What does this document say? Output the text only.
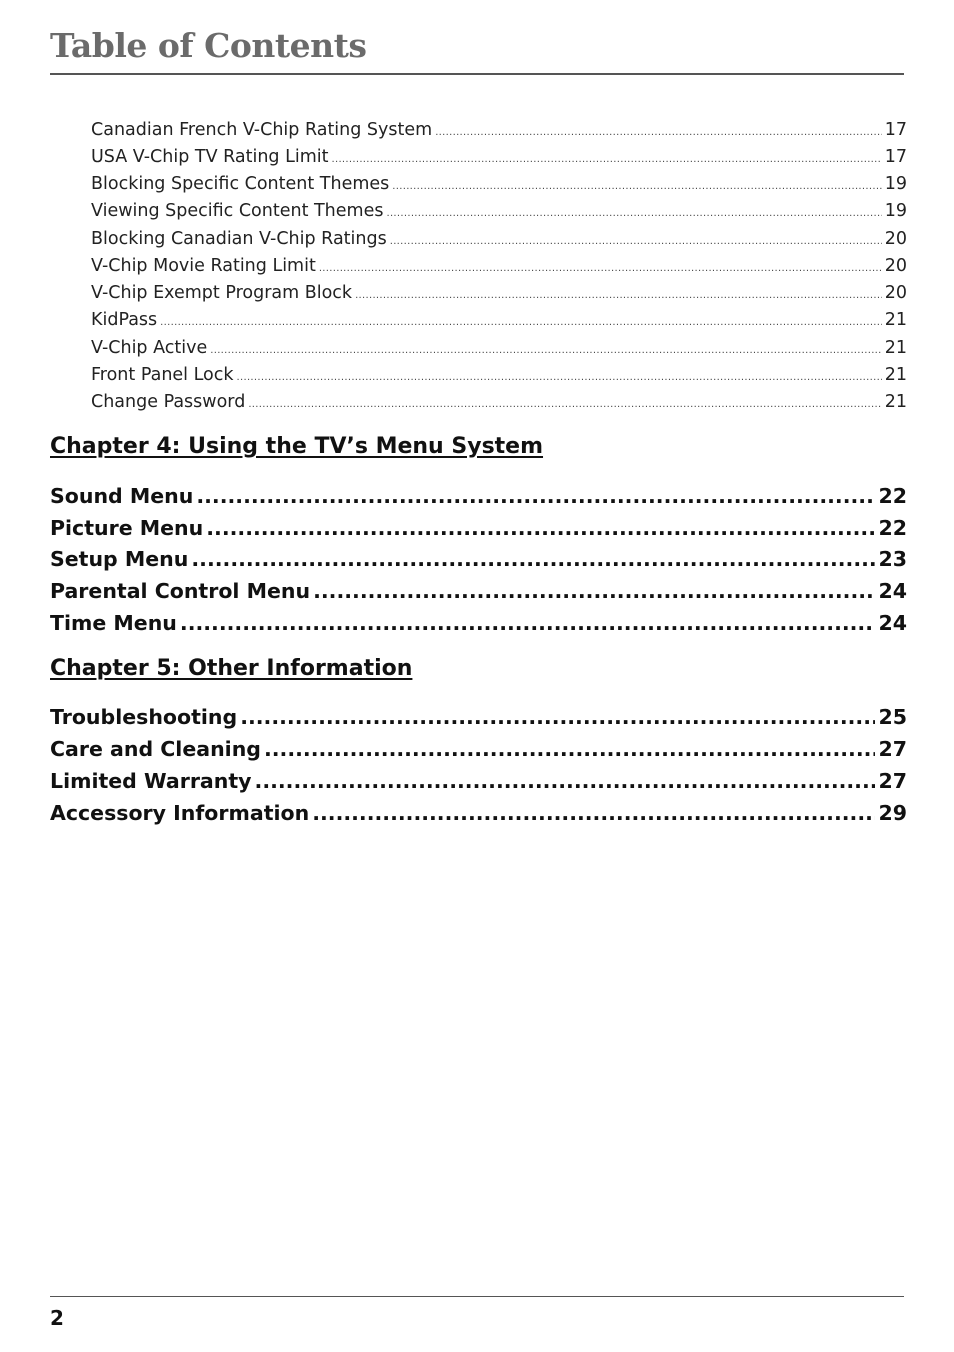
Table of Contents
Canadian French V-Chip Rating System .....	17
USA V-Chip TV Rating Limit .....	17
Blocking Specific Content Themes .....	19
Viewing Specific Content Themes .....	19
Blocking Canadian V-Chip Ratings .....	20
V-Chip Movie Rating Limit .....	20
V-Chip Exempt Program Block .....	20
KidPass .....	21
V-Chip Active .....	21
Front Panel Lock .....	21
Change Password .....	21
Chapter 4: Using the TV’s Menu System
Sound Menu .....	22
Picture Menu .....	22
Setup Menu .....	23
Parental Control Menu .....	24
Time Menu .....	24
Chapter 5: Other Information
Troubleshooting .....	25
Care and Cleaning .....	27
Limited Warranty .....	27
Accessory Information .....	29
2
